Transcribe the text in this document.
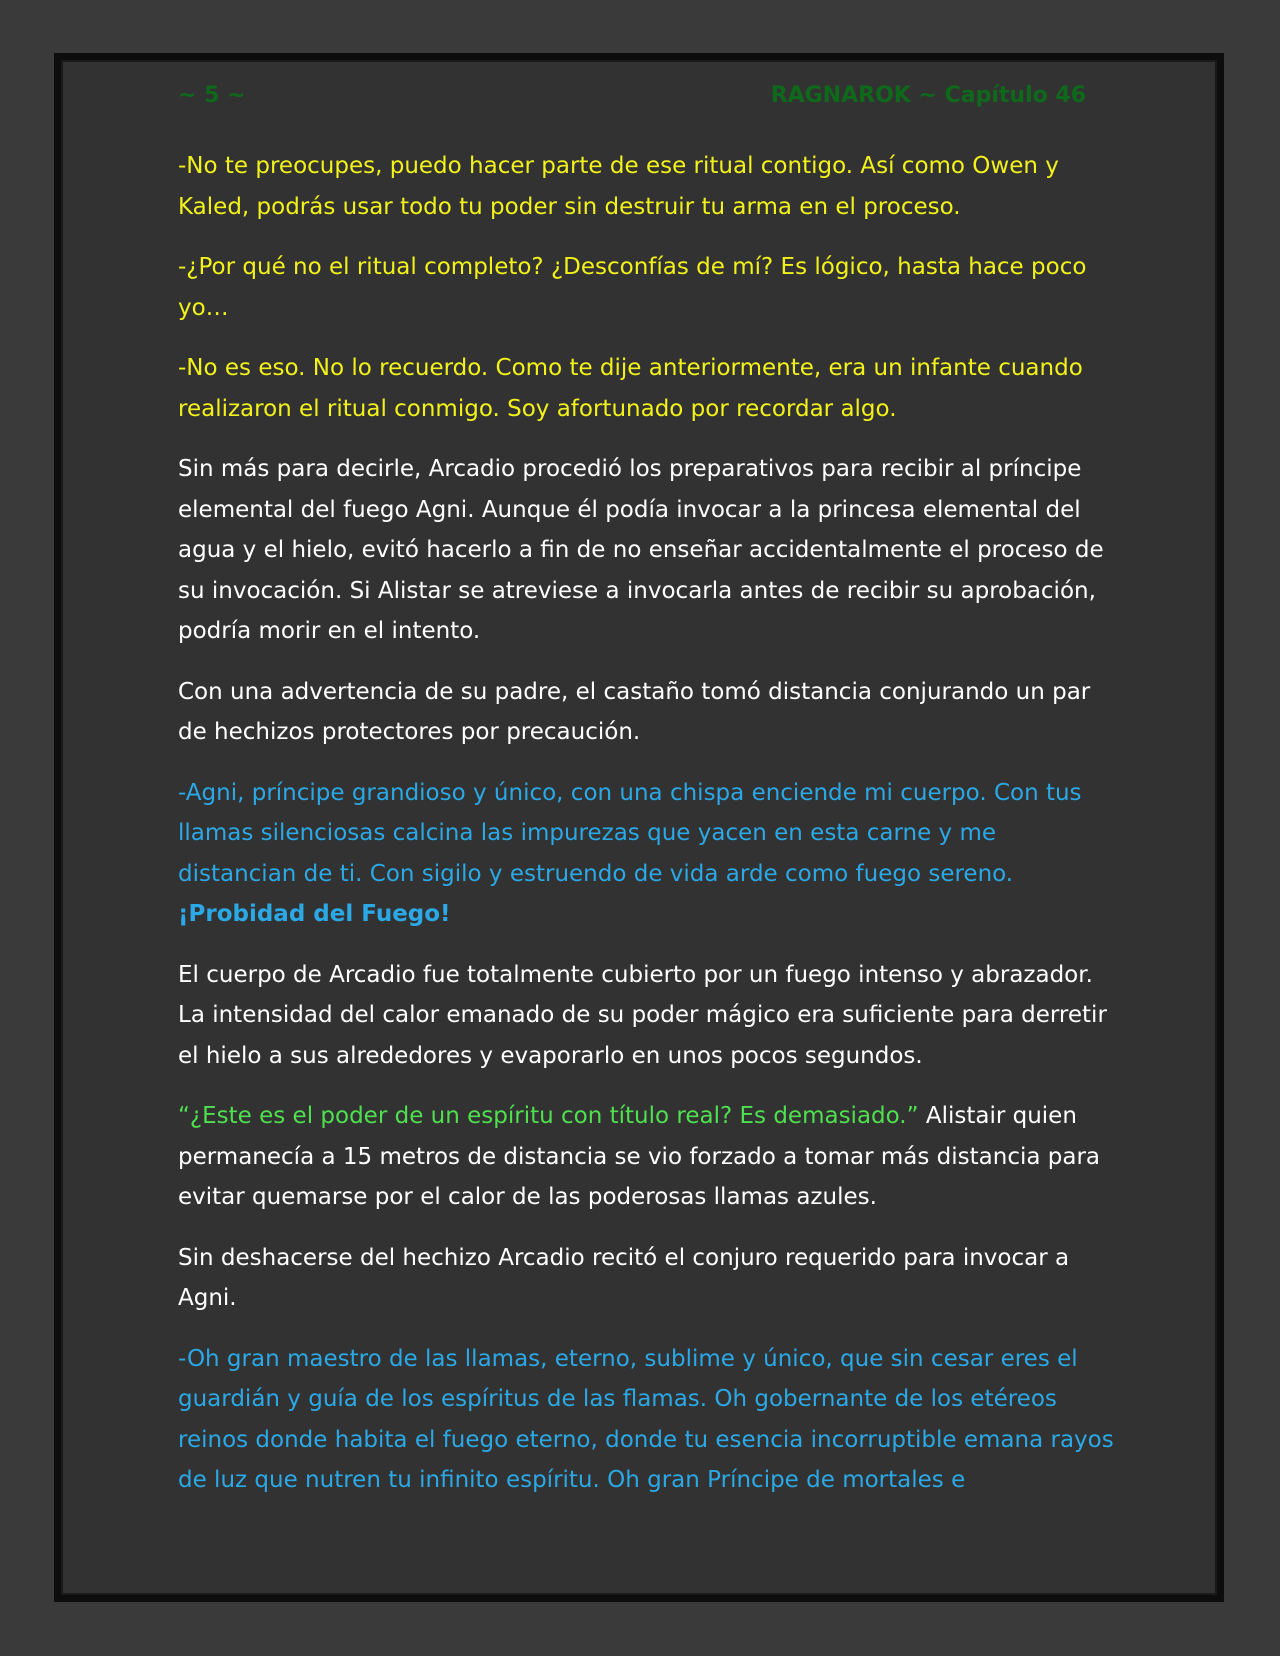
~ 5 ~	RAGNAROK ~ Capítulo 46

-No te preocupes, puedo hacer parte de ese ritual contigo. Así como Owen y Kaled, podrás usar todo tu poder sin destruir tu arma en el proceso.

-¿Por qué no el ritual completo? ¿Desconfías de mí? Es lógico, hasta hace poco yo…

-No es eso. No lo recuerdo. Como te dije anteriormente, era un infante cuando realizaron el ritual conmigo. Soy afortunado por recordar algo.

Sin más para decirle, Arcadio procedió los preparativos para recibir al príncipe elemental del fuego Agni. Aunque él podía invocar a la princesa elemental del agua y el hielo, evitó hacerlo a fin de no enseñar accidentalmente el proceso de su invocación. Si Alistar se atreviese a invocarla antes de recibir su aprobación, podría morir en el intento.

Con una advertencia de su padre, el castaño tomó distancia conjurando un par de hechizos protectores por precaución.

-Agni, príncipe grandioso y único, con una chispa enciende mi cuerpo. Con tus llamas silenciosas calcina las impurezas que yacen en esta carne y me distancian de ti. Con sigilo y estruendo de vida arde como fuego sereno. ¡Probidad del Fuego!

El cuerpo de Arcadio fue totalmente cubierto por un fuego intenso y abrazador. La intensidad del calor emanado de su poder mágico era suficiente para derretir el hielo a sus alrededores y evaporarlo en unos pocos segundos.

“¿Este es el poder de un espíritu con título real? Es demasiado.” Alistair quien permanecía a 15 metros de distancia se vio forzado a tomar más distancia para evitar quemarse por el calor de las poderosas llamas azules.

Sin deshacerse del hechizo Arcadio recitó el conjuro requerido para invocar a Agni.

-Oh gran maestro de las llamas, eterno, sublime y único, que sin cesar eres el guardián y guía de los espíritus de las flamas. Oh gobernante de los etéreos reinos donde habita el fuego eterno, donde tu esencia incorruptible emana rayos de luz que nutren tu infinito espíritu. Oh gran Príncipe de mortales e
